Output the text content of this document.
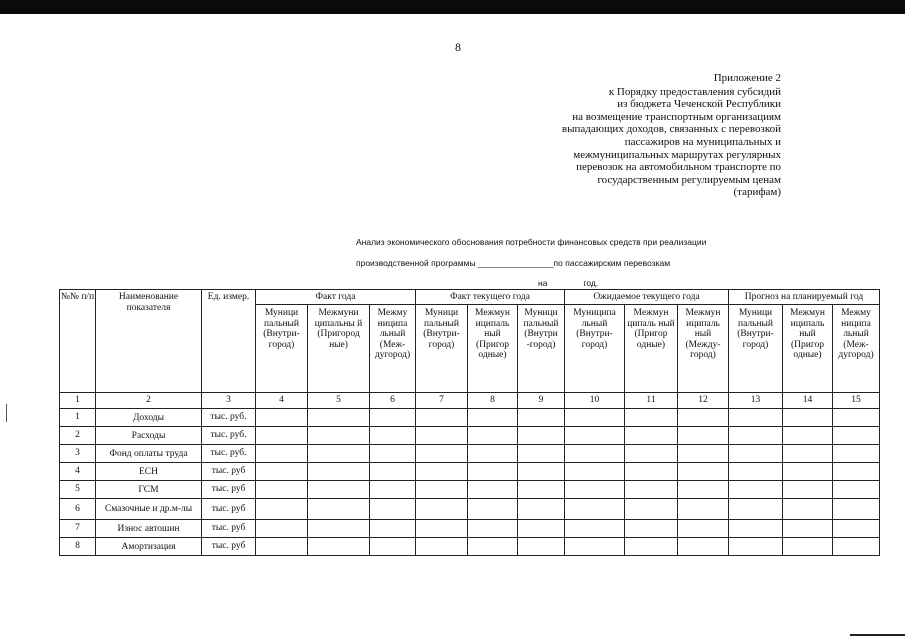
8
Приложение 2
к Порядку предоставления субсидий
из бюджета Чеченской Республики
на возмещение транспортным организациям
выпадающих доходов, связанных с перевозкой
пассажиров на муниципальных и
межмуниципальных маршрутах регулярных
перевозок на автомобильном транспорте по
государственным регулируемым ценам
(тарифам)
Анализ экономического обоснования потребности финансовых средств при реализации
производственной программы ________________по пассажирским перевозкам
на	год.
№№ п/п	Наименование показателя	Ед. измер.	Факт года			Факт текущего года			Ожидаемое текущего года			Прогноз на планируемый год		
			Муници пальный (Внутри-город)	Межмуни ципальны й (Пригород ные)	Межму ниципа льный (Меж-дугород)	Муници пальный (Внутри-город)	Межмун иципаль ный (Пригор одные)	Муници пальный (Внутри -город)	Муниципа льный (Внутри-город)	Межмун ципаль ный (Пригор одные)	Межмун иципаль ный (Между-город)	Муници пальный (Внутри-город)	Межмун иципаль ный (Пригор одные)	Межму ниципа льный (Меж-дугород)
1	2	3	4	5	6	7	8	9	10	11	12	13	14	15
1	Доходы	тыс. руб.												
2	Расходы	тыс. руб.												
3	Фонд оплаты труда	тыс. руб.												
4	ЕСН	тыс. руб												
5	ГСМ	тыс. руб												
6	Смазочные и др.м-лы	тыс. руб												
7	Износ автошин	тыс. руб												
8	Амортизация	тыс. руб												
